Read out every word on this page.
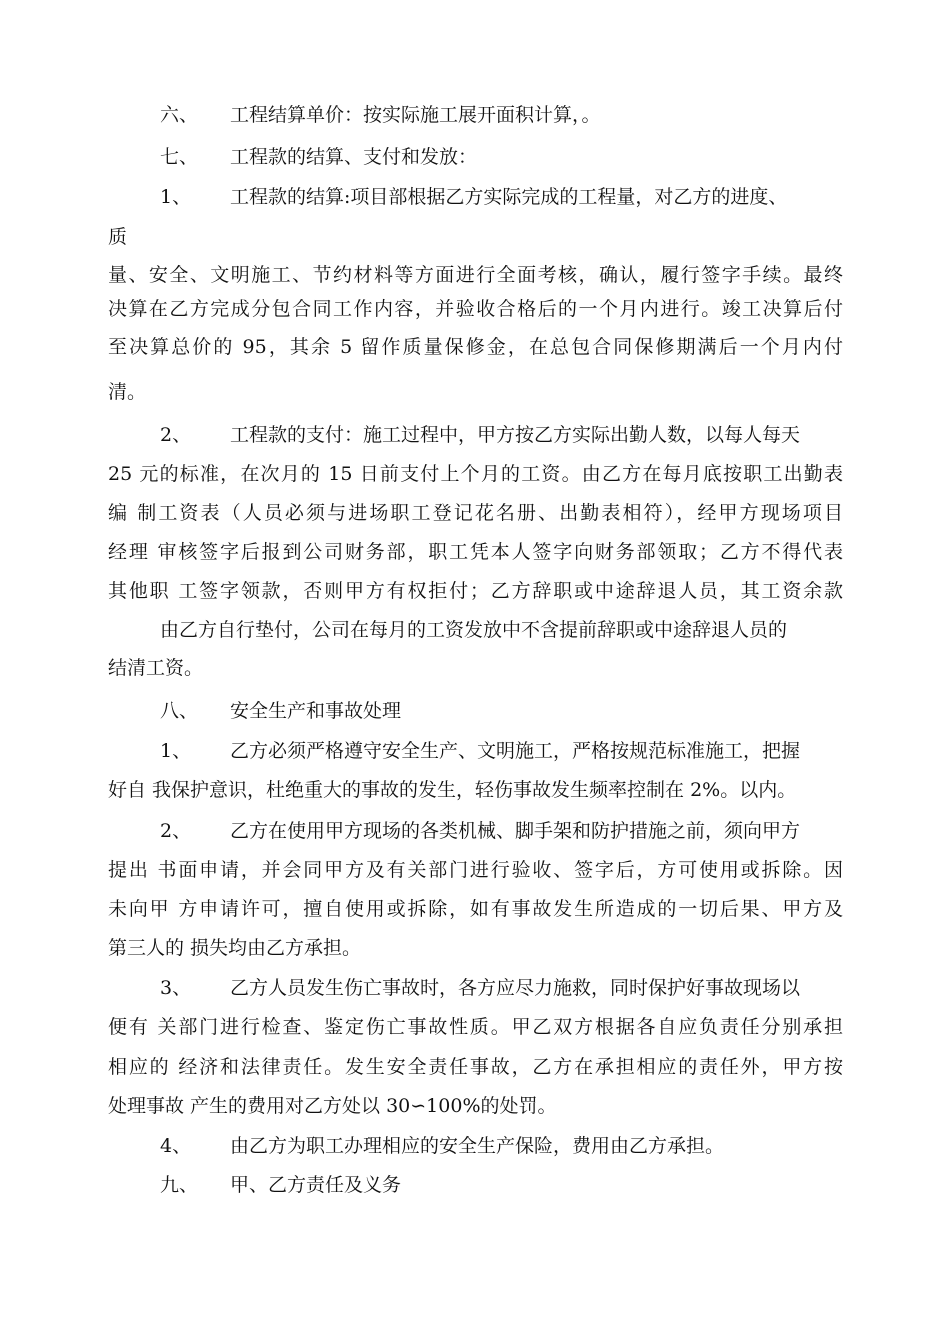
六、 工程结算单价：按实际施工展开面积计算，。
七、 工程款的结算、支付和发放：
1、 工程款的结算:项目部根据乙方实际完成的工程量，对乙方的进度、
质
量、安全、文明施工、节约材料等方面进行全面考核，确认，履行签字手续。最终
决算在乙方完成分包合同工作内容，并验收合格后的一个月内进行。竣工决算后付
至决算总价的 95，其余 5 留作质量保修金，在总包合同保修期满后一个月内付
清。
2、 工程款的支付：施工过程中，甲方按乙方实际出勤人数，以每人每天
25 元的标准，在次月的 15 日前支付上个月的工资。由乙方在每月底按职工出勤表
编 制工资表（人员必须与进场职工登记花名册、出勤表相符），经甲方现场项目
经理 审核签字后报到公司财务部，职工凭本人签字向财务部领取；乙方不得代表
其他职 工签字领款，否则甲方有权拒付；乙方辞职或中途辞退人员，其工资余款
由乙方自行垫付，公司在每月的工资发放中不含提前辞职或中途辞退人员的
结清工资。
八、 安全生产和事故处理
1、 乙方必须严格遵守安全生产、文明施工，严格按规范标准施工，把握
好自 我保护意识，杜绝重大的事故的发生，轻伤事故发生频率控制在 2%。以内。
2、 乙方在使用甲方现场的各类机械、脚手架和防护措施之前，须向甲方
提出 书面申请，并会同甲方及有关部门进行验收、签字后，方可使用或拆除。因
未向甲 方申请许可，擅自使用或拆除，如有事故发生所造成的一切后果、甲方及
第三人的 损失均由乙方承担。
3、 乙方人员发生伤亡事故时，各方应尽力施救，同时保护好事故现场以
便有 关部门进行检查、鉴定伤亡事故性质。甲乙双方根据各自应负责任分别承担
相应的 经济和法律责任。发生安全责任事故，乙方在承担相应的责任外，甲方按
处理事故 产生的费用对乙方处以 30∽100%的处罚。
4、 由乙方为职工办理相应的安全生产保险，费用由乙方承担。
九、 甲、乙方责任及义务
